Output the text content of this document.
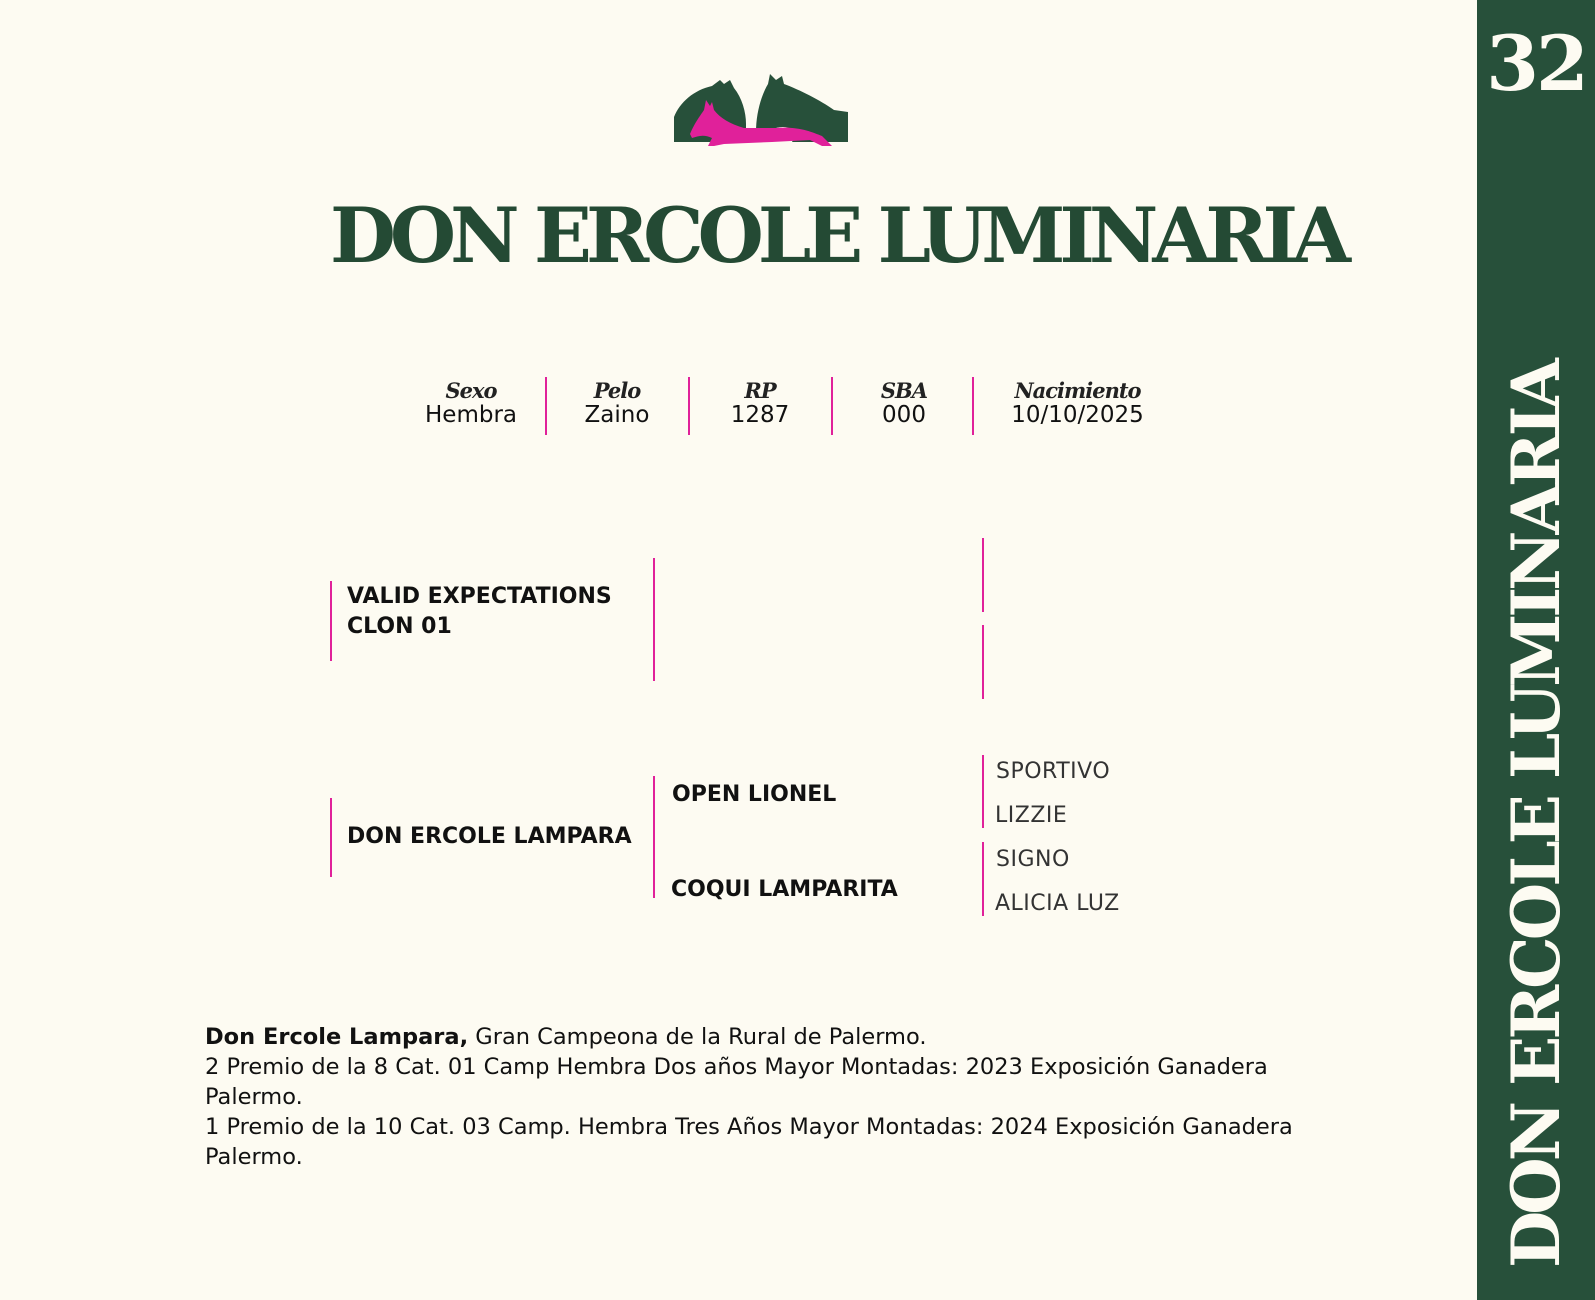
32
DON ERCOLE LUMINARIA
DON ERCOLE LUMINARIA
Sexo
Hembra
Pelo
Zaino
RP
1287
SBA
000
Nacimiento
10/10/2025
VALID EXPECTATIONS
CLON 01
DON ERCOLE LAMPARA
OPEN LIONEL
COQUI LAMPARITA
SPORTIVO
LIZZIE
SIGNO
ALICIA LUZ

Don Ercole Lampara, Gran Campeona de la Rural de Palermo.

2 Premio de la 8 Cat. 01 Camp Hembra Dos años Mayor Montadas: 2023 Exposición Ganadera Palermo.

1 Premio de la 10 Cat. 03 Camp. Hembra Tres Años Mayor Montadas: 2024 Exposición Ganadera Palermo.
